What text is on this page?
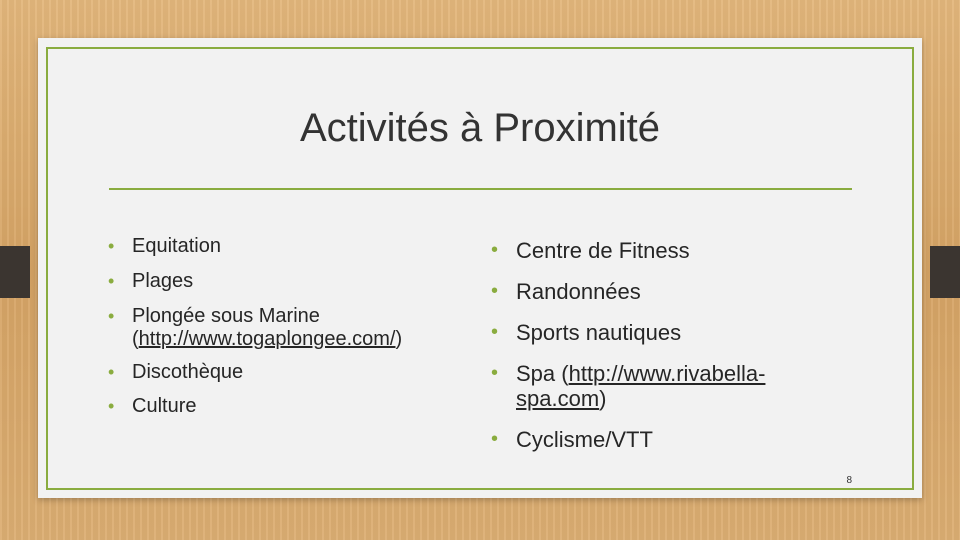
Activités à Proximité
• Equitation
• Plages
• Plongée sous Marine
(http://www.togaplongee.com/)
• Discothèque
• Culture
• Centre de Fitness
• Randonnées
• Sports nautiques
• Spa (http://www.rivabella-
spa.com)
• Cyclisme/VTT
8
